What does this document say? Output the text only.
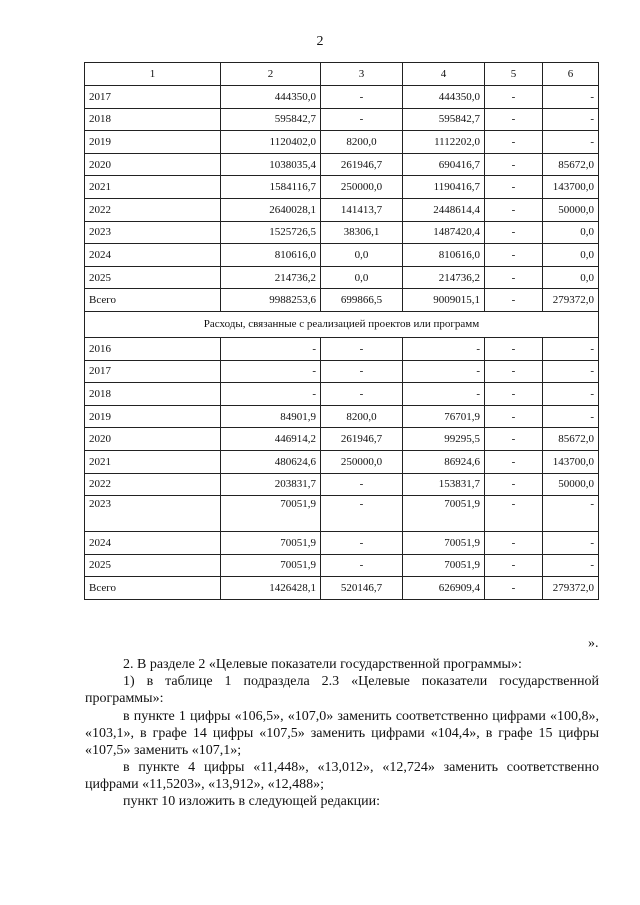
2
1	2	3	4	5	6
2017	444350,0	-	444350,0	-	-
2018	595842,7	-	595842,7	-	-
2019	1120402,0	8200,0	1112202,0	-	-
2020	1038035,4	261946,7	690416,7	-	85672,0
2021	1584116,7	250000,0	1190416,7	-	143700,0
2022	2640028,1	141413,7	2448614,4	-	50000,0
2023	1525726,5	38306,1	1487420,4	-	0,0
2024	810616,0	0,0	810616,0	-	0,0
2025	214736,2	0,0	214736,2	-	0,0
Всего	9988253,6	699866,5	9009015,1	-	279372,0
Расходы, связанные с реализацией проектов или программ					
2016	-	-	-	-	-
2017	-	-	-	-	-
2018	-	-	-	-	-
2019	84901,9	8200,0	76701,9	-	-
2020	446914,2	261946,7	99295,5	-	85672,0
2021	480624,6	250000,0	86924,6	-	143700,0
2022	203831,7	-	153831,7	-	50000,0
2023	70051,9	-	70051,9	-	-
2024	70051,9	-	70051,9	-	-
2025	70051,9	-	70051,9	-	-
Всего	1426428,1	520146,7	626909,4	-	279372,0
».
2. В разделе 2 «Целевые показатели государственной программы»:
1) в таблице 1 подраздела 2.3 «Целевые показатели государственной программы»:
в пункте 1 цифры «106,5», «107,0» заменить соответственно цифрами «100,8», «103,1», в графе 14 цифры «107,5» заменить цифрами «104,4», в графе 15 цифры «107,5» заменить «107,1»;
в пункте 4 цифры «11,448», «13,012», «12,724» заменить соответственно цифрами «11,5203», «13,912», «12,488»;
пункт 10 изложить в следующей редакции:
